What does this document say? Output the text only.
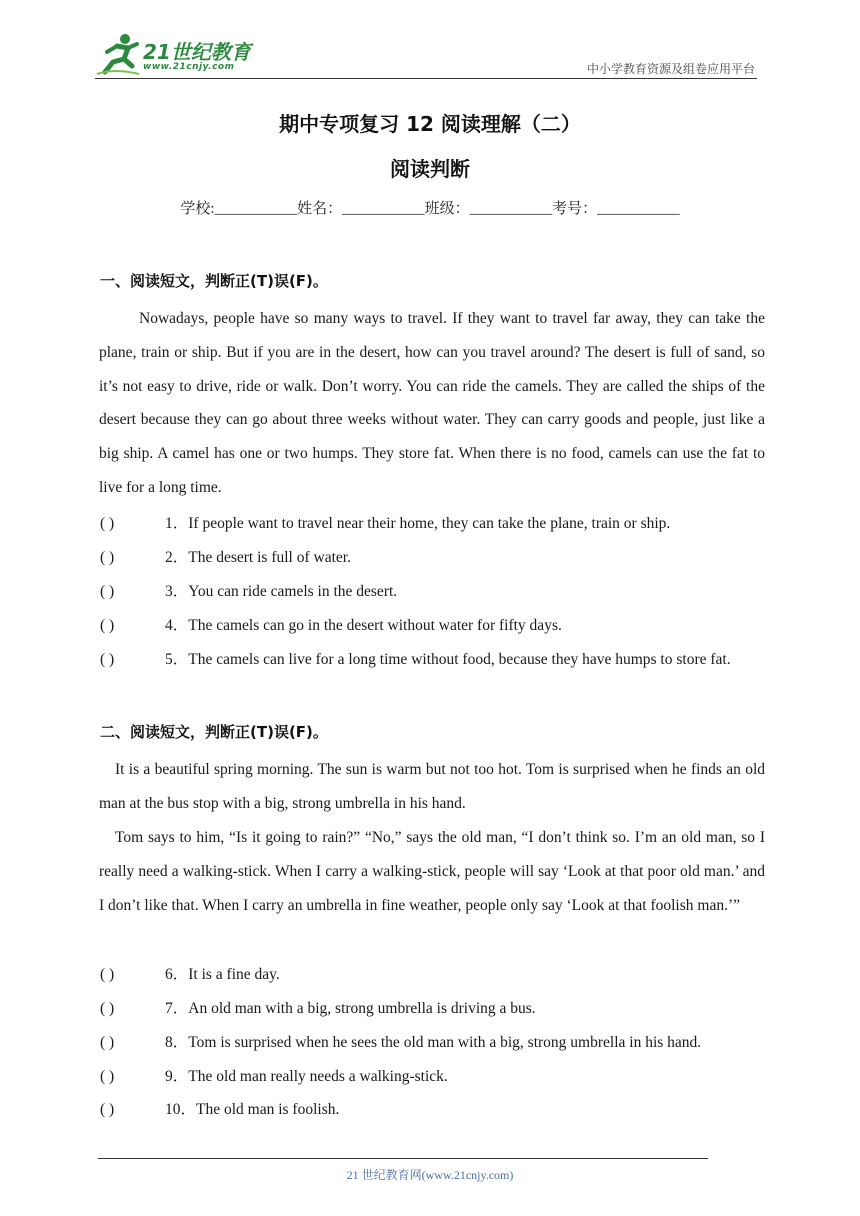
21世纪教育
www.21cnjy.com	中小学教育资源及组卷应用平台
期中专项复习 12 阅读理解（二）
阅读判断
学校:___________姓名：___________班级：___________考号：___________
一、阅读短文，判断正(T)误(F)。
Nowadays, people have so many ways to travel. If they want to travel far away, they can take the plane, train or ship. But if you are in the desert, how can you travel around? The desert is full of sand, so it’s not easy to drive, ride or walk. Don’t worry. You can ride the camels. They are called the ships of the desert because they can go about three weeks without water. They can carry goods and people, just like a big ship. A camel has one or two humps. They store fat. When there is no food, camels can use the fat to live for a long time.
( )	1．If people want to travel near their home, they can take the plane, train or ship.
( )	2．The desert is full of water.
( )	3．You can ride camels in the desert.
( )	4．The camels can go in the desert without water for fifty days.
( )	5．The camels can live for a long time without food, because they have humps to store fat.
二、阅读短文，判断正(T)误(F)。
It is a beautiful spring morning. The sun is warm but not too hot. Tom is surprised when he finds an old man at the bus stop with a big, strong umbrella in his hand.
Tom says to him, “Is it going to rain?” “No,” says the old man, “I don’t think so. I’m an old man, so I really need a walking-stick. When I carry a walking-stick, people will say ‘Look at that poor old man.’ and I don’t like that. When I carry an umbrella in fine weather, people only say ‘Look at that foolish man.’”
( )	6．It is a fine day.
( )	7．An old man with a big, strong umbrella is driving a bus.
( )	8．Tom is surprised when he sees the old man with a big, strong umbrella in his hand.
( )	9．The old man really needs a walking-stick.
( )	10．The old man is foolish.
21 世纪教育网(www.21cnjy.com)
